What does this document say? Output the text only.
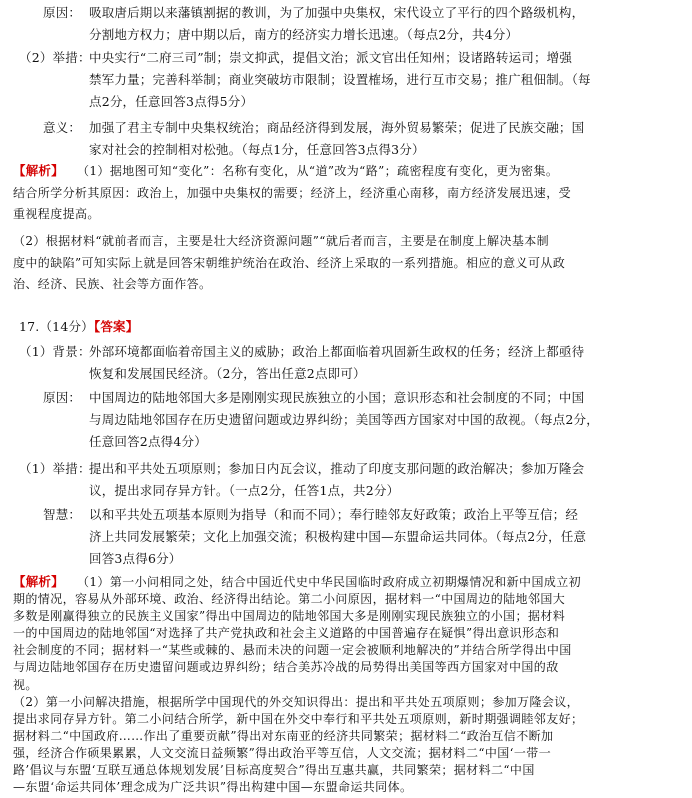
原因： 吸取唐后期以来藩镇割据的教训，为了加强中央集权，宋代设立了平行的四个路级机构，
分割地方权力；唐中期以后，南方的经济实力增长迅速。（每点2分，共4分）
（2）举措：
中央实行“二府三司”制；崇文抑武，提倡文治；派文官出任知州；设诸路转运司；增强
禁军力量；完善科举制；商业突破坊市限制；设置榷场，进行互市交易；推广租佃制。（每
点2分，任意回答3点得5分）
意义： 加强了君主专制中央集权统治；商品经济得到发展，海外贸易繁荣；促进了民族交融；国
家对社会的控制相对松弛。（每点1分，任意回答3点得3分）
【解析】 （1）据地图可知“变化”：名称有变化，从“道”改为“路”；疏密程度有变化，更为密集。
结合所学分析其原因：政治上，加强中央集权的需要；经济上，经济重心南移，南方经济发展迅速，受
重视程度提高。
（2）根据材料“就前者而言，主要是壮大经济资源问题”“就后者而言，主要是在制度上解决基本制
度中的缺陷”可知实际上就是回答宋朝维护统治在政治、经济上采取的一系列措施。相应的意义可从政
治、经济、民族、社会等方面作答。
17.（14分）【答案】
（1）背景：
外部环境都面临着帝国主义的威胁；政治上都面临着巩固新生政权的任务；经济上都亟待
恢复和发展国民经济。（2分，答出任意2点即可）
原因： 中国周边的陆地邻国大多是刚刚实现民族独立的小国；意识形态和社会制度的不同；中国
与周边陆地邻国存在历史遗留问题或边界纠纷；美国等西方国家对中国的敌视。（每点2分，
任意回答2点得4分）
（1）举措：
提出和平共处五项原则；参加日内瓦会议，推动了印度支那问题的政治解决；参加万隆会
议，提出求同存异方针。（一点2分，任答1点，共2分）
智慧： 以和平共处五项基本原则为指导（和而不同）；奉行睦邻友好政策；政治上平等互信；经
济上共同发展繁荣；文化上加强交流；积极构建中国—东盟命运共同体。（每点2分，任意
回答3点得6分）
【解析】 （1）第一小问相同之处，结合中国近代史中华民国临时政府成立初期爆情况和新中国成立初
期的情况，容易从外部环境、政治、经济得出结论。第二小问原因，据材料一“中国周边的陆地邻国大
多数是刚赢得独立的民族主义国家”得出中国周边的陆地邻国大多是刚刚实现民族独立的小国；据材料
一的中国周边的陆地邻国“对选择了共产党执政和社会主义道路的中国普遍存在疑惧”得出意识形态和
社会制度的不同；据材料一“某些或棘的、悬而未决的问题一定会被顺利地解决的”并结合所学得出中国
与周边陆地邻国存在历史遗留问题或边界纠纷；结合美苏冷战的局势得出美国等西方国家对中国的敌
视。
（2）第一小问解决措施，根据所学中国现代的外交知识得出：提出和平共处五项原则；参加万隆会议，
提出求同存异方针。第二小问结合所学，新中国在外交中奉行和平共处五项原则，新时期强调睦邻友好；
据材料二“中国政府……作出了重要贡献”得出对东南亚的经济共同繁荣；据材料二“政治互信不断加
强，经济合作硕果累累，人文交流日益频繁”得出政治平等互信，人文交流；据材料二“中国‘一带一
路’倡议与东盟‘互联互通总体规划发展’目标高度契合”得出互惠共赢，共同繁荣；据材料二“中国
—东盟‘命运共同体’理念成为广泛共识”得出构建中国—东盟命运共同体。
